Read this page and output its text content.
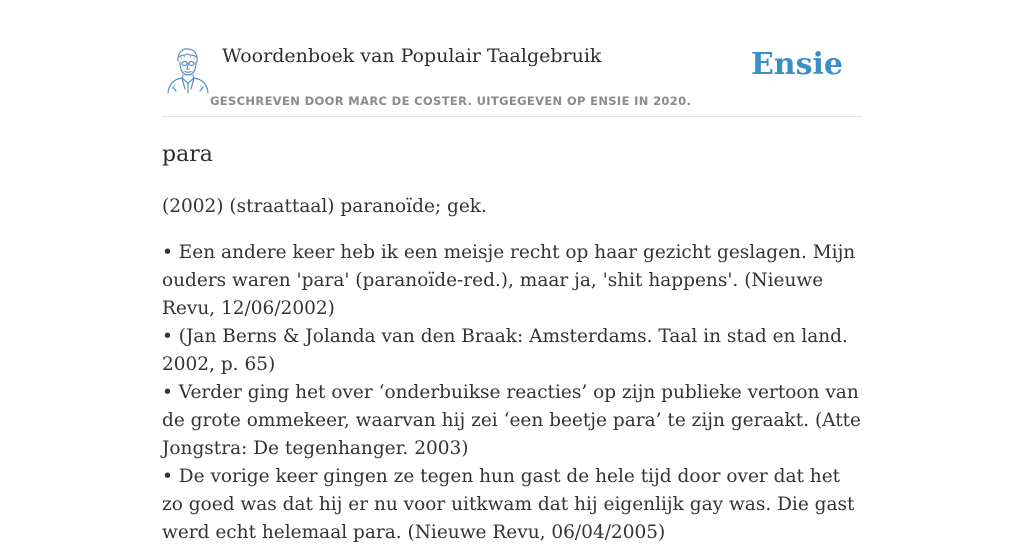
Woordenboek van Populair Taalgebruik
GESCHREVEN DOOR MARC DE COSTER. UITGEGEVEN OP ENSIE IN 2020.
Ensie
para

(2002) (straattaal) paranoïde; gek.

• Een andere keer heb ik een meisje recht op haar gezicht geslagen. Mijn ouders waren 'para' (paranoïde-red.), maar ja, 'shit happens'. (Nieuwe Revu, 12/06/2002)

• (Jan Berns & Jolanda van den Braak: Amsterdams. Taal in stad en land. 2002, p. 65)

• Verder ging het over ‘onderbuikse reacties’ op zijn publieke vertoon van de grote ommekeer, waarvan hij zei ‘een beetje para’ te zijn geraakt. (Atte Jongstra: De tegenhanger. 2003)

• De vorige keer gingen ze tegen hun gast de hele tijd door over dat het zo goed was dat hij er nu voor uitkwam dat hij eigenlijk gay was. Die gast werd echt helemaal para. (Nieuwe Revu, 06/04/2005)
